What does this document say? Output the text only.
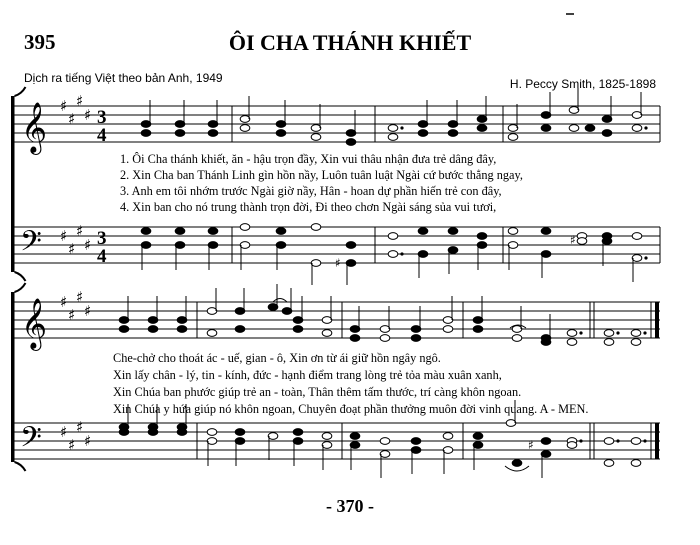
𝄞
𝄢
♯
♯
♯
♯
♯
♯
♯
♯
3
4
3
4	♯
♯
𝄞
𝄢
♯
♯
♯
♯
♯
♯
♯
♯	♯
395	ÔI CHA THÁNH KHIẾT
Dịch ra tiếng Việt theo bản Anh, 1949	H. Peccy Smith, 1825-1898
1. Ôi Cha thánh khiết, ăn - hậu trọn đầy, Xin vui thâu nhận đưa trẻ dâng đây,
2. Xin Cha ban Thánh Linh gìn hồn nầy, Luôn tuân luật Ngài cứ bước thẳng ngay,
3. Anh em tôi nhớm trước Ngài giờ nầy, Hân - hoan dự phần hiến trẻ con đây,
4. Xin ban cho nó trung thành trọn đời, Đi theo chơn Ngài sáng sủa vui tươi,
Che-chở cho thoát ác - uế, gian - ô, Xin ơn từ ái giữ hồn ngây ngô.
Xin lấy chân - lý, tin - kính, đức - hạnh điểm trang lòng trẻ tỏa màu xuân xanh,
Xin Chúa ban phước giúp trẻ an - toàn, Thân thêm tấm thước, trí càng khôn ngoan.
Xin Chúa y hứa giúp nó khôn ngoan, Chuyên đoạt phần thưởng muôn đời vinh quang. A - MEN.
- 370 -
